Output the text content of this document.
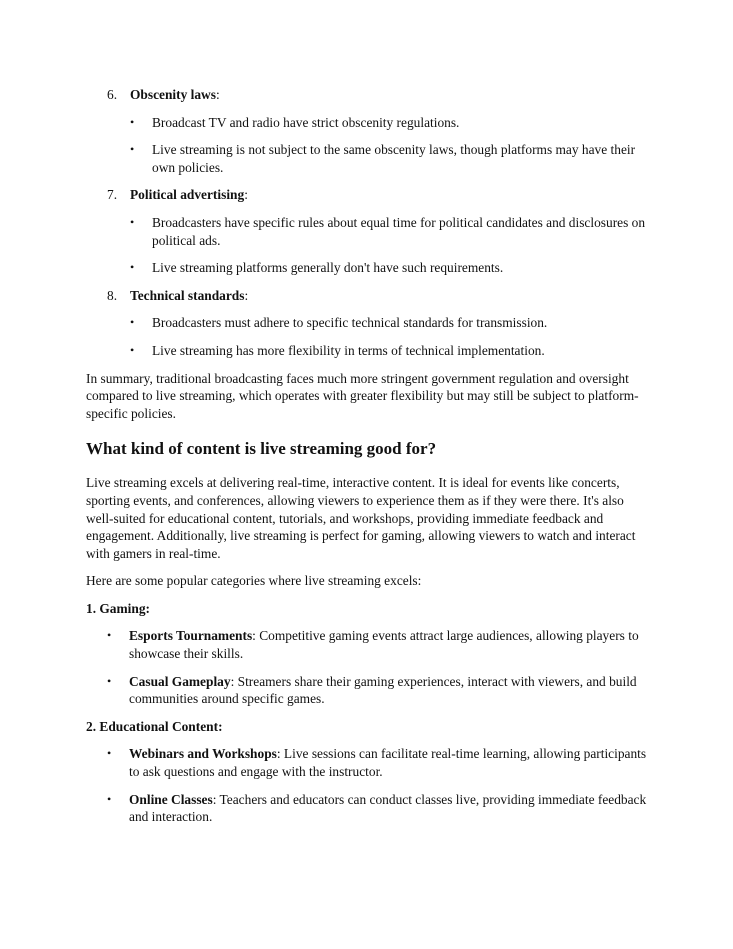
6. Obscenity laws:
• Broadcast TV and radio have strict obscenity regulations.
• Live streaming is not subject to the same obscenity laws, though platforms may have their own policies.
7. Political advertising:
• Broadcasters have specific rules about equal time for political candidates and disclosures on political ads.
• Live streaming platforms generally don't have such requirements.
8. Technical standards:
• Broadcasters must adhere to specific technical standards for transmission.
• Live streaming has more flexibility in terms of technical implementation.

In summary, traditional broadcasting faces much more stringent government regulation and oversight compared to live streaming, which operates with greater flexibility but may still be subject to platform-specific policies.

What kind of content is live streaming good for?

Live streaming excels at delivering real-time, interactive content. It is ideal for events like concerts, sporting events, and conferences, allowing viewers to experience them as if they were there. It's also well-suited for educational content, tutorials, and workshops, providing immediate feedback and engagement. Additionally, live streaming is perfect for gaming, allowing viewers to watch and interact with gamers in real-time.

Here are some popular categories where live streaming excels:

1. Gaming:
• Esports Tournaments: Competitive gaming events attract large audiences, allowing players to showcase their skills.
• Casual Gameplay: Streamers share their gaming experiences, interact with viewers, and build communities around specific games.
2. Educational Content:
• Webinars and Workshops: Live sessions can facilitate real-time learning, allowing participants to ask questions and engage with the instructor.
• Online Classes: Teachers and educators can conduct classes live, providing immediate feedback and interaction.
